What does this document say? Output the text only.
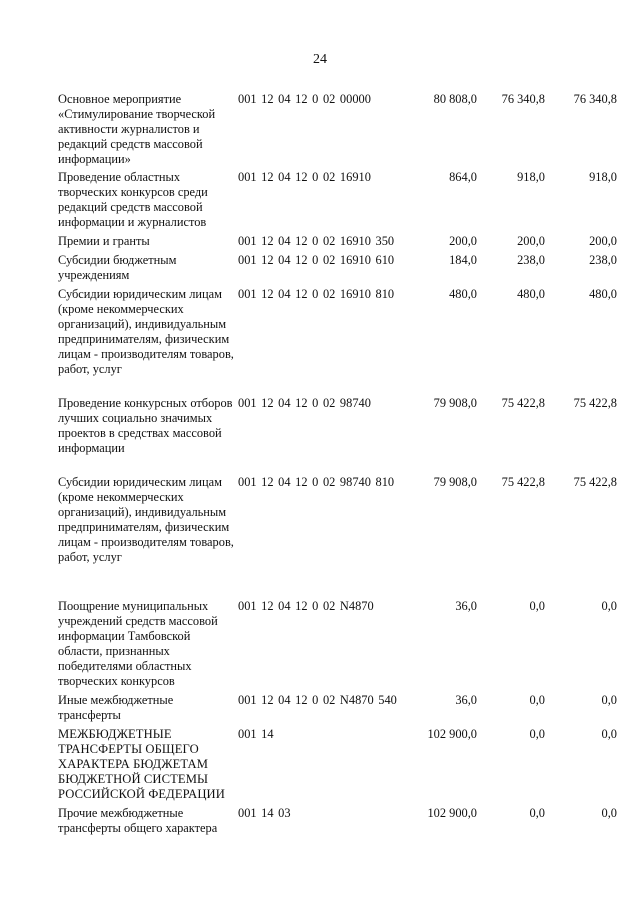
24
Основное мероприятие «Стимулирование творческой активности журналистов и редакций средств массовой информации»
001 12 04 12 0 02 00000	80 808,0	76 340,8	76 340,8
Проведение областных творческих конкурсов среди редакций средств массовой информации и журналистов
001 12 04 12 0 02 16910	864,0	918,0	918,0
Премии и гранты	001 12 04 12 0 02 16910 350	200,0	200,0	200,0
Субсидии бюджетным учреждениям
001 12 04 12 0 02 16910 610	184,0	238,0	238,0
Субсидии юридическим лицам (кроме некоммерческих организаций), индивидуальным предпринимателям, физическим лицам - производителям товаров, работ, услуг
001 12 04 12 0 02 16910 810	480,0	480,0	480,0
Проведение конкурсных отборов лучших социально значимых проектов в средствах массовой информации
001 12 04 12 0 02 98740	79 908,0	75 422,8	75 422,8
Субсидии юридическим лицам (кроме некоммерческих организаций), индивидуальным предпринимателям, физическим лицам - производителям товаров, работ, услуг
001 12 04 12 0 02 98740 810	79 908,0	75 422,8	75 422,8
Поощрение муниципальных учреждений средств массовой информации Тамбовской области, признанных победителями областных творческих конкурсов
001 12 04 12 0 02 N4870	36,0	0,0	0,0
Иные межбюджетные трансферты
001 12 04 12 0 02 N4870 540	36,0	0,0	0,0
МЕЖБЮДЖЕТНЫЕ ТРАНСФЕРТЫ ОБЩЕГО ХАРАКТЕРА БЮДЖЕТАМ БЮДЖЕТНОЙ СИСТЕМЫ РОССИЙСКОЙ ФЕДЕРАЦИИ
001 14	102 900,0	0,0	0,0
Прочие межбюджетные трансферты общего характера
001 14 03	102 900,0	0,0	0,0
